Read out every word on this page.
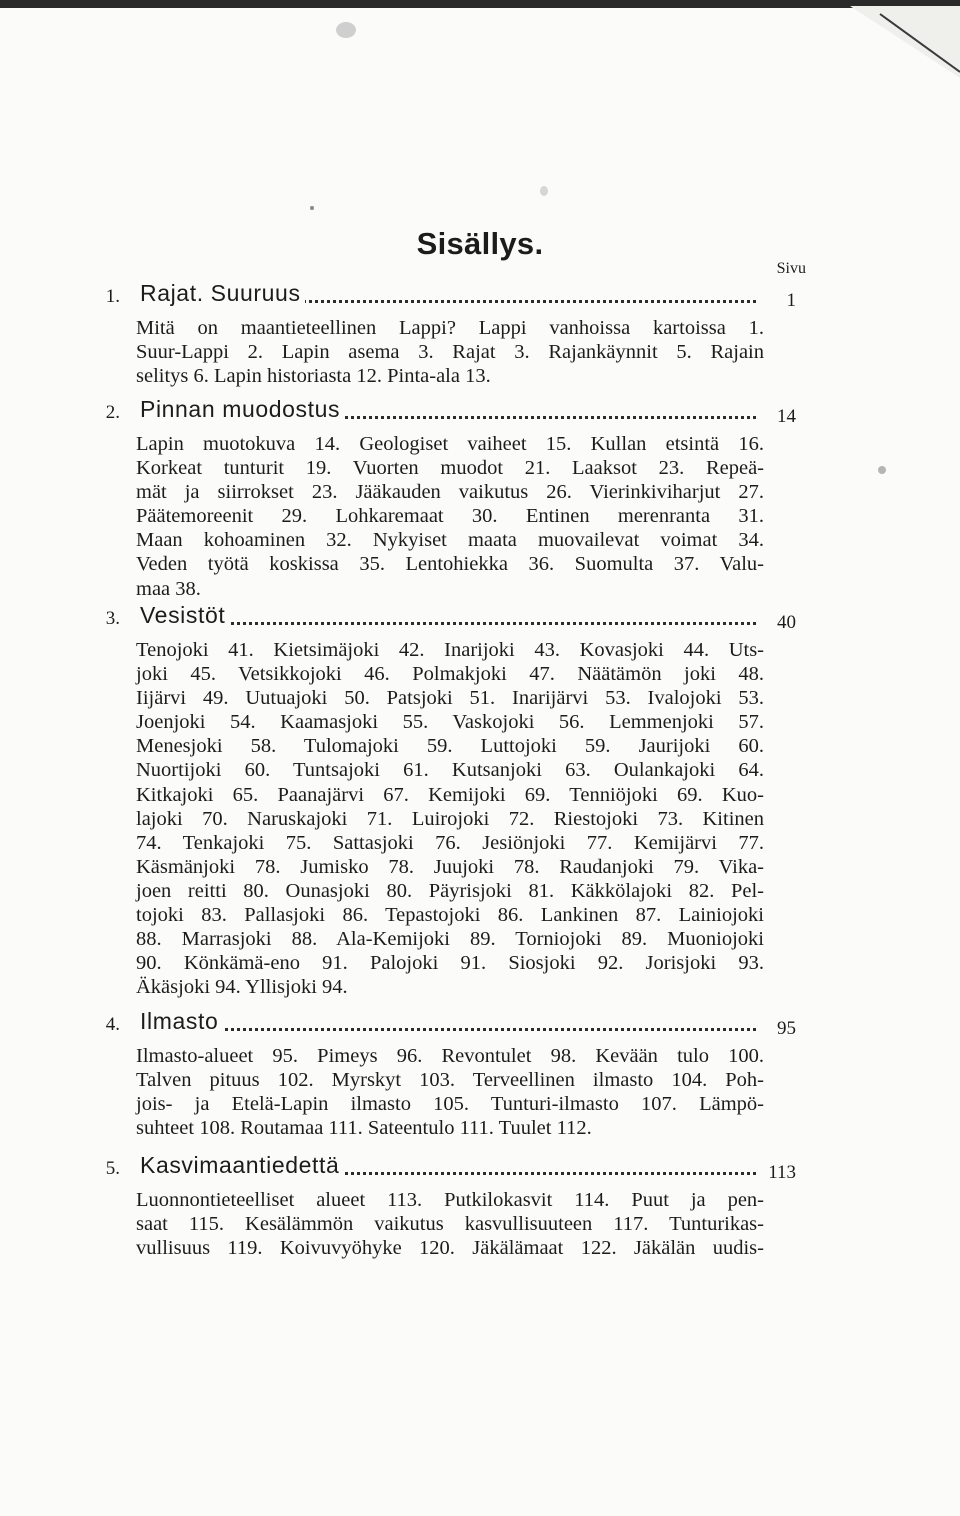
Sisällys.
Sivu
1. Rajat. Suuruus	1
Mitä on maantieteellinen Lappi? Lappi vanhoissa kartoissa 1.
Suur-Lappi 2. Lapin asema 3. Rajat 3. Rajankäynnit 5. Rajain
selitys 6. Lapin historiasta 12. Pinta-ala 13.
2. Pinnan muodostus	14
Lapin muotokuva 14. Geologiset vaiheet 15. Kullan etsintä 16.
Korkeat tunturit 19. Vuorten muodot 21. Laaksot 23. Repeä-
mät ja siirrokset 23. Jääkauden vaikutus 26. Vierinkiviharjut 27.
Päätemoreenit 29. Lohkaremaat 30. Entinen merenranta 31.
Maan kohoaminen 32. Nykyiset maata muovailevat voimat 34.
Veden työtä koskissa 35. Lentohiekka 36. Suomulta 37. Valu-
maa 38.
3. Vesistöt	40
Tenojoki 41. Kietsimäjoki 42. Inarijoki 43. Kovasjoki 44. Uts-
joki 45. Vetsikkojoki 46. Polmakjoki 47. Näätämön joki 48.
Iijärvi 49. Uutuajoki 50. Patsjoki 51. Inarijärvi 53. Ivalojoki 53.
Joenjoki 54. Kaamasjoki 55. Vaskojoki 56. Lemmenjoki 57.
Menesjoki 58. Tulomajoki 59. Luttojoki 59. Jaurijoki 60.
Nuortijoki 60. Tuntsajoki 61. Kutsanjoki 63. Oulankajoki 64.
Kitkajoki 65. Paanajärvi 67. Kemijoki 69. Tenniöjoki 69. Kuo-
lajoki 70. Naruskajoki 71. Luirojoki 72. Riestojoki 73. Kitinen
74. Tenkajoki 75. Sattasjoki 76. Jesiönjoki 77. Kemijärvi 77.
Käsmänjoki 78. Jumisko 78. Juujoki 78. Raudanjoki 79. Vika-
joen reitti 80. Ounasjoki 80. Päyrisjoki 81. Käkkölajoki 82. Pel-
tojoki 83. Pallasjoki 86. Tepastojoki 86. Lankinen 87. Lainiojoki
88. Marrasjoki 88. Ala-Kemijoki 89. Torniojoki 89. Muoniojoki
90. Könkämä-eno 91. Palojoki 91. Siosjoki 92. Jorisjoki 93.
Äkäsjoki 94. Yllisjoki 94.
4. Ilmasto	95
Ilmasto-alueet 95. Pimeys 96. Revontulet 98. Kevään tulo 100.
Talven pituus 102. Myrskyt 103. Terveellinen ilmasto 104. Poh-
jois- ja Etelä-Lapin ilmasto 105. Tunturi-ilmasto 107. Lämpö-
suhteet 108. Routamaa 111. Sateentulo 111. Tuulet 112.
5. Kasvimaantiedettä	113
Luonnontieteelliset alueet 113. Putkilokasvit 114. Puut ja pen-
saat 115. Kesälämmön vaikutus kasvullisuuteen 117. Tunturikas-
vullisuus 119. Koivuvyöhyke 120. Jäkälämaat 122. Jäkälän uudis-
